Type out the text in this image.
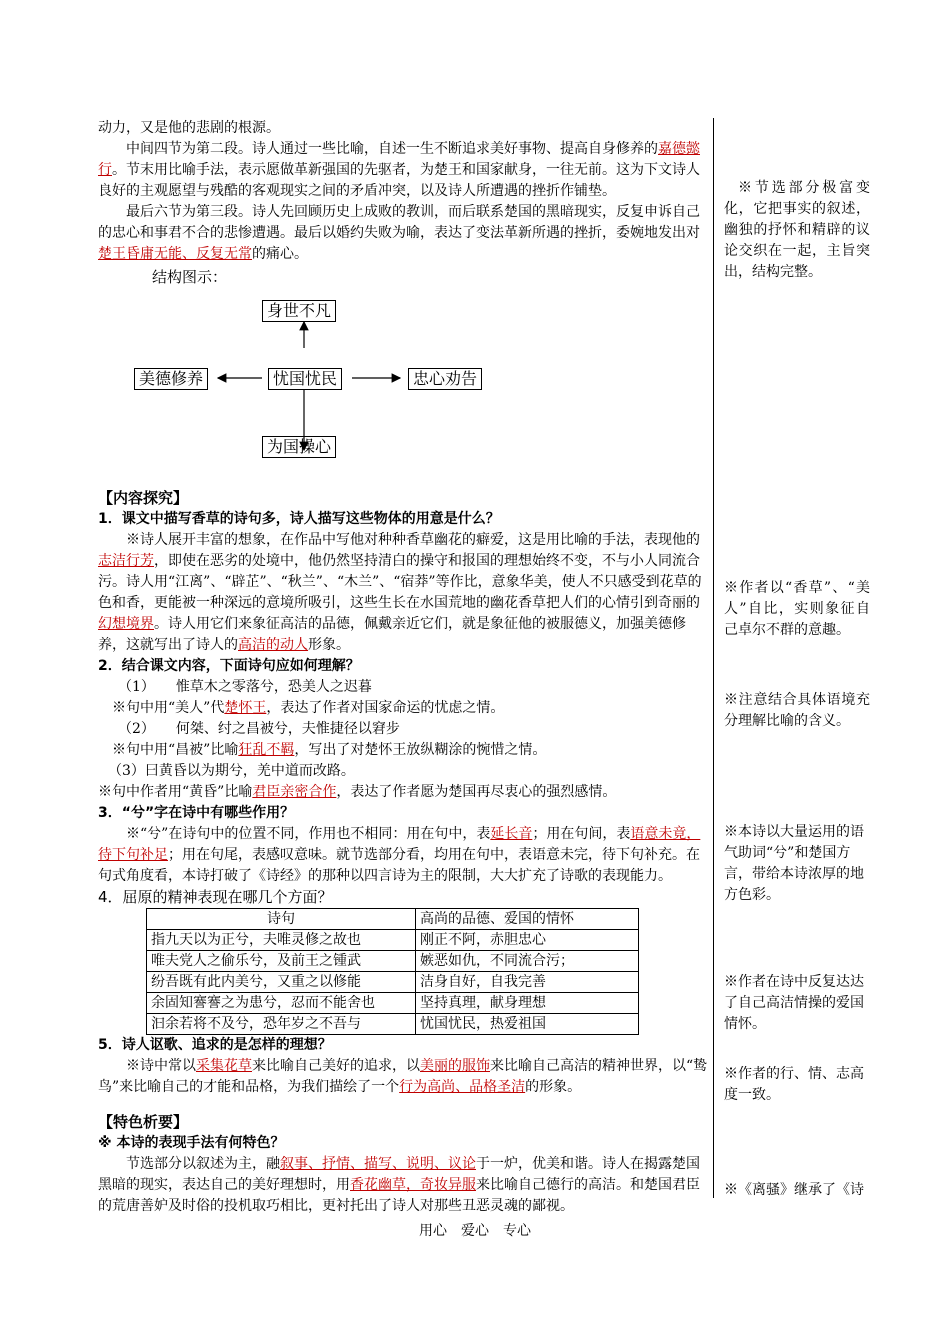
动力，又是他的悲剧的根源。

中间四节为第二段。诗人通过一些比喻，自述一生不断追求美好事物、提高自身修养的嘉德懿行。节末用比喻手法，表示愿做革新强国的先驱者，为楚王和国家献身，一往无前。这为下文诗人良好的主观愿望与残酷的客观现实之间的矛盾冲突，以及诗人所遭遇的挫折作铺垫。

最后六节为第三段。诗人先回顾历史上成败的教训，而后联系楚国的黑暗现实，反复申诉自己的忠心和事君不合的悲惨遭遇。最后以婚约失败为喻，表达了变法革新所遇的挫折，委婉地发出对楚王昏庸无能、反复无常的痛心。

结构图示：

身世不凡
忧国忧民
美德修养	忠心劝告
为国操心

【内容探究】

1．课文中描写香草的诗句多，诗人描写这些物体的用意是什么？

※诗人展开丰富的想象，在作品中写他对种种香草幽花的癖爱，这是用比喻的手法，表现他的志洁行芳，即使在恶劣的处境中，他仍然坚持清白的操守和报国的理想始终不变，不与小人同流合污。诗人用“江离”、“辟芷”、“秋兰”、“木兰”、“宿莽”等作比，意象华美，使人不只感受到花草的色和香，更能被一种深远的意境所吸引，这些生长在水国荒地的幽花香草把人们的心情引到奇丽的幻想境界。诗人用它们来象征高洁的品德，佩戴亲近它们，就是象征他的被服德义，加强美德修养，这就写出了诗人的高洁的动人形象。

2．结合课文内容，下面诗句应如何理解？

（1）　　惟草木之零落兮，恐美人之迟暮

※句中用“美人”代楚怀王，表达了作者对国家命运的忧虑之情。

（2）　　何桀、纣之昌被兮，夫惟捷径以窘步

※句中用“昌被”比喻狂乱不羁，写出了对楚怀王放纵糊涂的惋惜之情。

（3）曰黄昏以为期兮，羌中道而改路。

※句中作者用“黄昏”比喻君臣亲密合作，表达了作者愿为楚国再尽衷心的强烈感情。

3．“兮”字在诗中有哪些作用？

※“兮”在诗句中的位置不同，作用也不相同：用在句中，表延长音；用在句间，表语意未竟，待下句补足；用在句尾，表感叹意味。就节选部分看，均用在句中，表语意未完，待下句补充。在句式角度看，本诗打破了《诗经》的那种以四言诗为主的限制，大大扩充了诗歌的表现能力。

4．屈原的精神表现在哪几个方面？

诗句	高尚的品德、爱国的情怀
指九天以为正兮，夫唯灵修之故也	刚正不阿，赤胆忠心
唯夫党人之偷乐兮，及前王之锺武	嫉恶如仇，不同流合污；
纷吾既有此内美兮，又重之以修能	洁身自好，自我完善
余固知謇謇之为患兮，忍而不能舍也	坚持真理，献身理想
汩余若将不及兮，恐年岁之不吾与	忧国忧民，热爱祖国

5．诗人讴歌、追求的是怎样的理想？

※诗中常以采集花草来比喻自己美好的追求，以美丽的服饰来比喻自己高洁的精神世界，以“鸷鸟”来比喻自己的才能和品格，为我们描绘了一个行为高尚、品格圣洁的形象。

【特色析要】

※ 本诗的表现手法有何特色？

节选部分以叙述为主，融叙事、抒情、描写、说明、议论于一炉，优美和谐。诗人在揭露楚国黑暗的现实，表达自己的美好理想时，用香花幽草，奇妆异服来比喻自己德行的高洁。和楚国君臣的荒唐善妒及时俗的投机取巧相比，更衬托出了诗人对那些丑恶灵魂的鄙视。

※节选部分极富变化，它把事实的叙述，幽独的抒怀和精辟的议论交织在一起，主旨突出，结构完整。
※作者以“香草”、“美人”自比，实则象征自己卓尔不群的意趣。
※注意结合具体语境充分理解比喻的含义。
※本诗以大量运用的语气助词“兮”和楚国方言，带给本诗浓厚的地方色彩。
※作者在诗中反复达达了自己高洁情操的爱国情怀。
※作者的行、情、志高度一致。
※《离骚》继承了《诗
用心　爱心　专心
